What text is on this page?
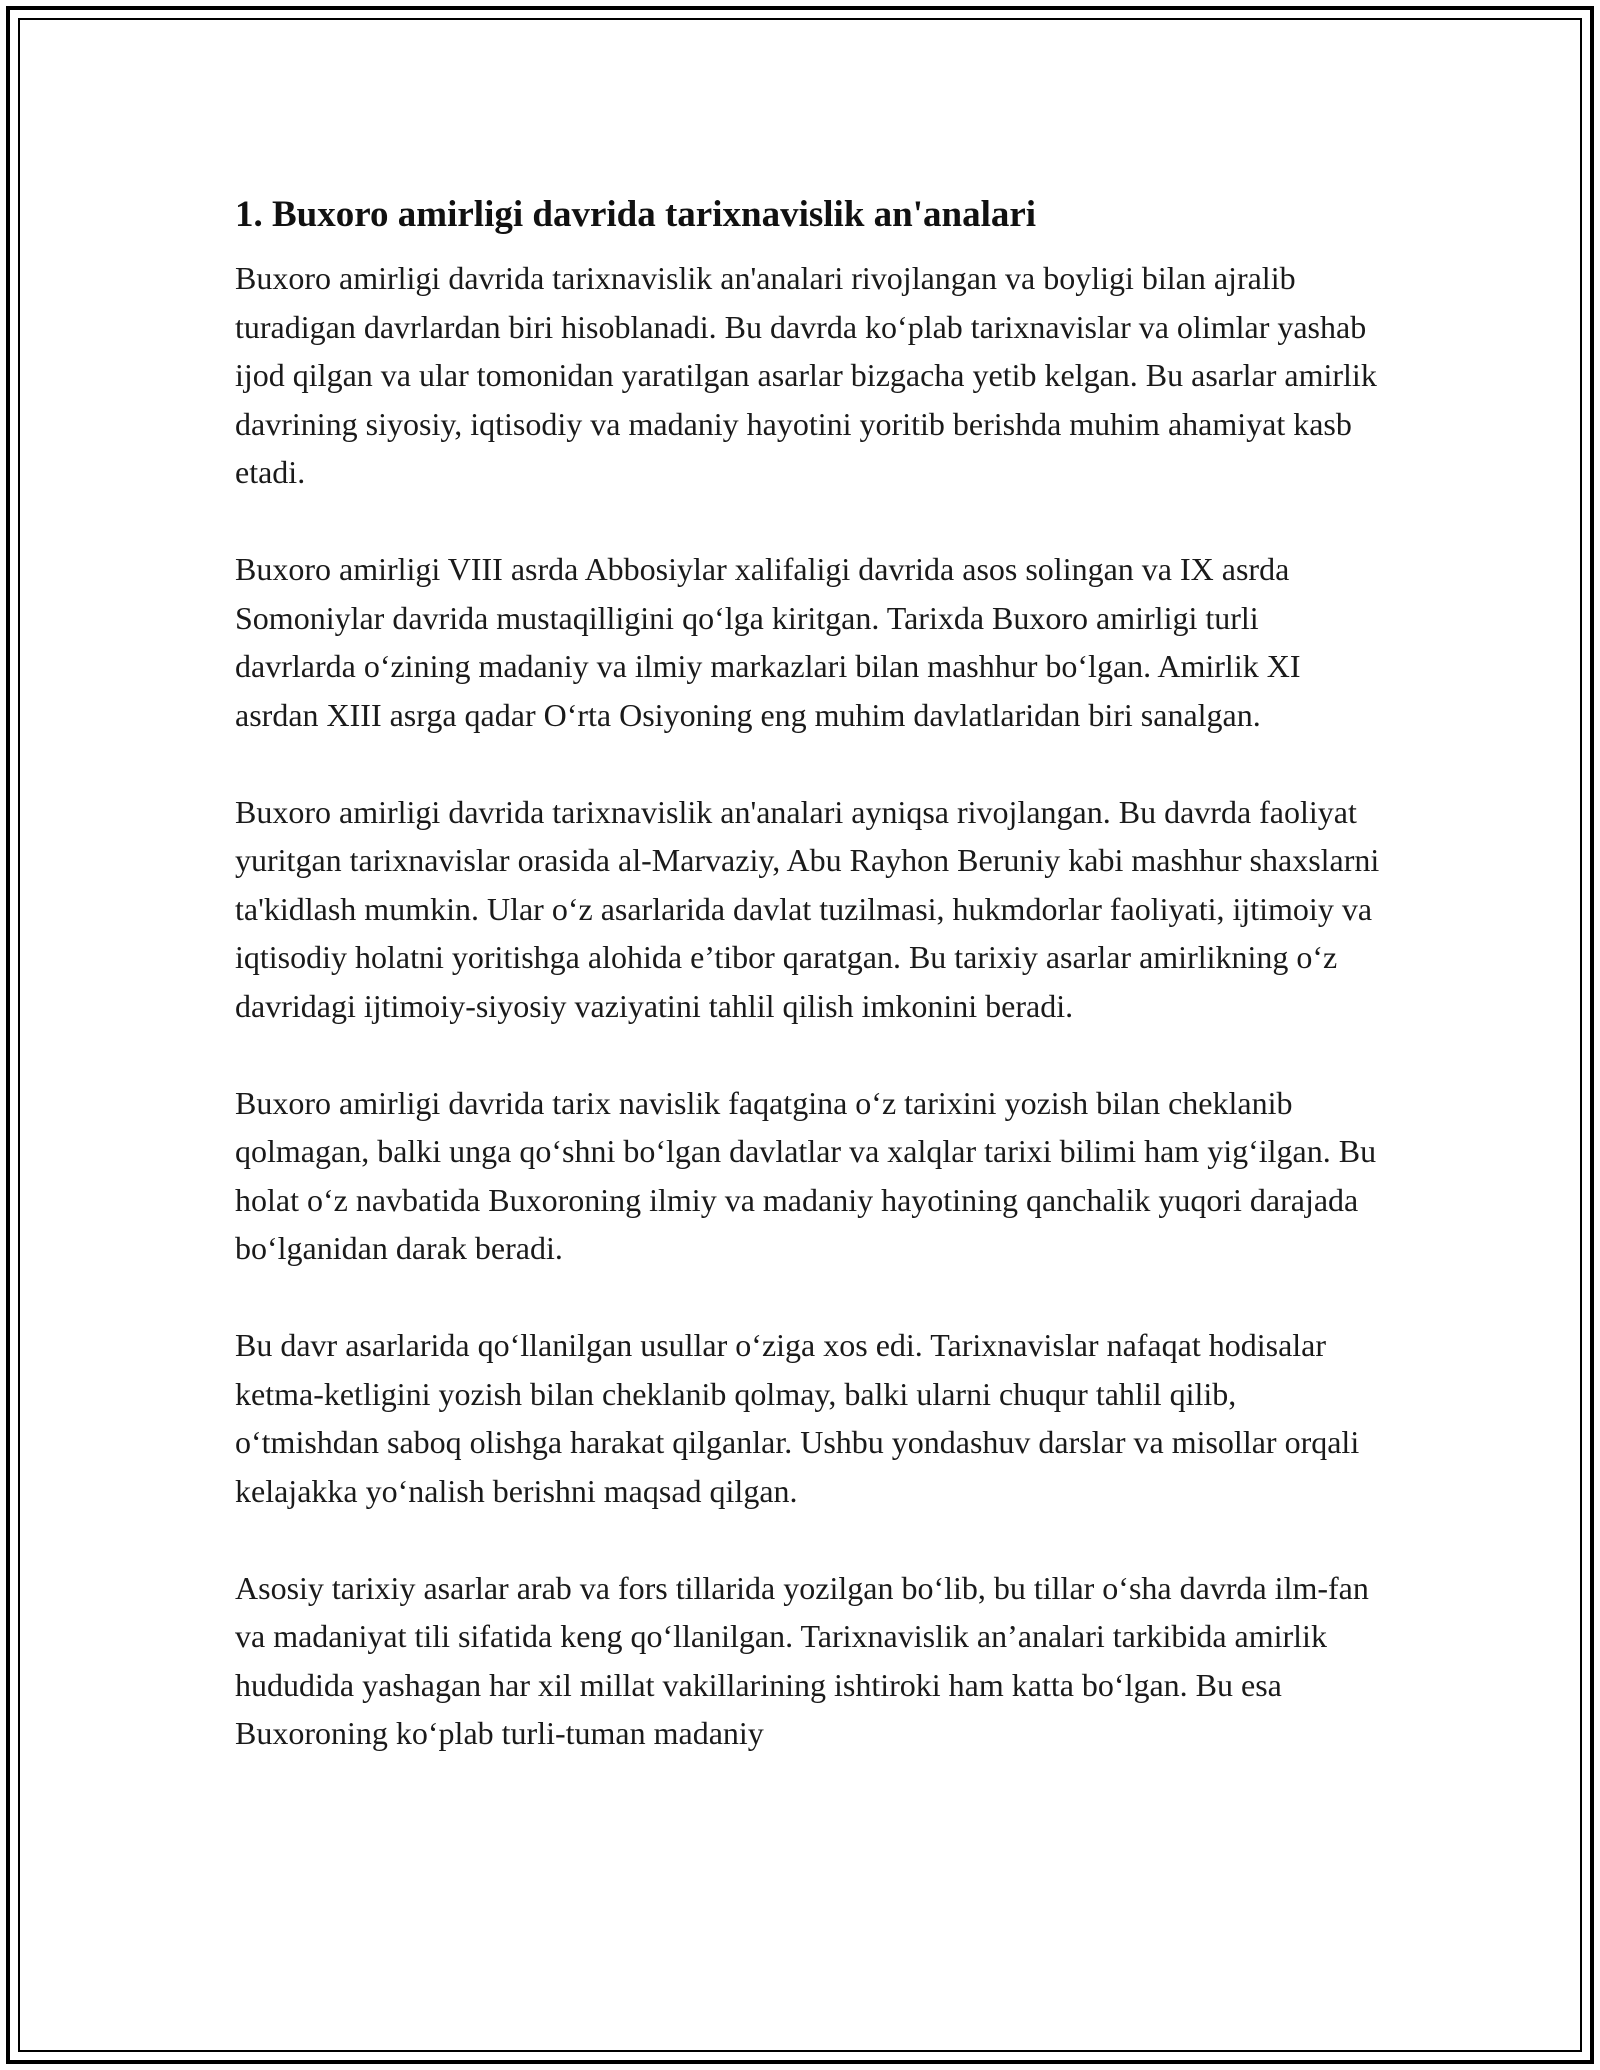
1. Buxoro amirligi davrida tarixnavislik an'analari

Buxoro amirligi davrida tarixnavislik an'analari rivojlangan va boyligi bilan ajralib turadigan davrlardan biri hisoblanadi. Bu davrda koʻplab tarixnavislar va olimlar yashab ijod qilgan va ular tomonidan yaratilgan asarlar bizgacha yetib kelgan. Bu asarlar amirlik davrining siyosiy, iqtisodiy va madaniy hayotini yoritib berishda muhim ahamiyat kasb etadi.

Buxoro amirligi VIII asrda Abbosiylar xalifaligi davrida asos solingan va IX asrda Somoniylar davrida mustaqilligini qoʻlga kiritgan. Tarixda Buxoro amirligi turli davrlarda oʻzining madaniy va ilmiy markazlari bilan mashhur boʻlgan. Amirlik XI asrdan XIII asrga qadar Oʻrta Osiyoning eng muhim davlatlaridan biri sanalgan.

Buxoro amirligi davrida tarixnavislik an'analari ayniqsa rivojlangan. Bu davrda faoliyat yuritgan tarixnavislar orasida al-Marvaziy, Abu Rayhon Beruniy kabi mashhur shaxslarni ta'kidlash mumkin. Ular oʻz asarlarida davlat tuzilmasi, hukmdorlar faoliyati, ijtimoiy va iqtisodiy holatni yoritishga alohida e’tibor qaratgan. Bu tarixiy asarlar amirlikning oʻz davridagi ijtimoiy-siyosiy vaziyatini tahlil qilish imkonini beradi.

Buxoro amirligi davrida tarix navislik faqatgina oʻz tarixini yozish bilan cheklanib qolmagan, balki unga qoʻshni boʻlgan davlatlar va xalqlar tarixi bilimi ham yigʻilgan. Bu holat oʻz navbatida Buxoroning ilmiy va madaniy hayotining qanchalik yuqori darajada boʻlganidan darak beradi.

Bu davr asarlarida qoʻllanilgan usullar oʻziga xos edi. Tarixnavislar nafaqat hodisalar ketma-ketligini yozish bilan cheklanib qolmay, balki ularni chuqur tahlil qilib, oʻtmishdan saboq olishga harakat qilganlar. Ushbu yondashuv darslar va misollar orqali kelajakka yoʻnalish berishni maqsad qilgan.

Asosiy tarixiy asarlar arab va fors tillarida yozilgan boʻlib, bu tillar oʻsha davrda ilm-fan va madaniyat tili sifatida keng qoʻllanilgan. Tarixnavislik an’analari tarkibida amirlik hududida yashagan har xil millat vakillarining ishtiroki ham katta boʻlgan. Bu esa Buxoroning koʻplab turli-tuman madaniy
